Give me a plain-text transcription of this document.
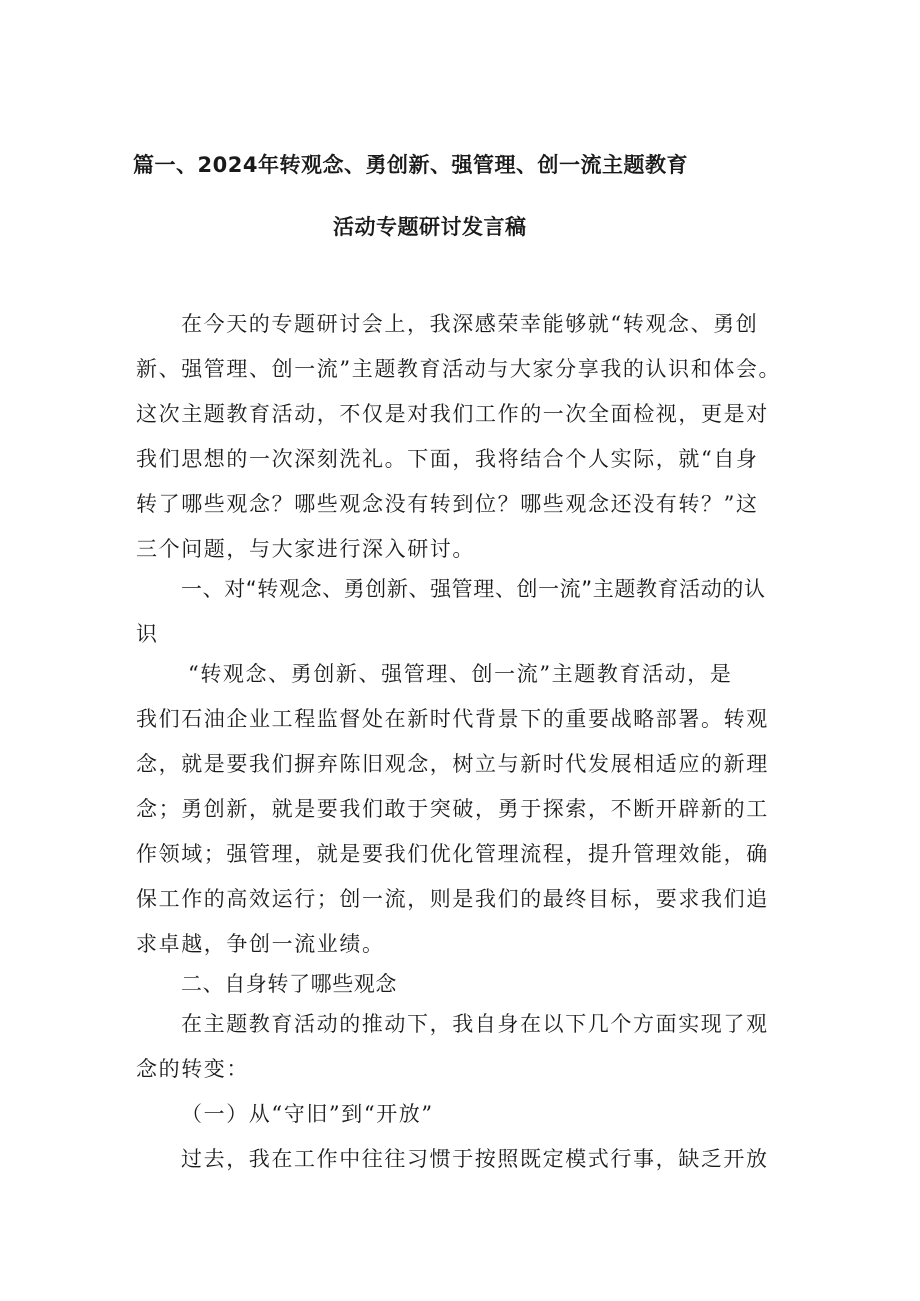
篇一、2024年转观念、勇创新、强管理、创一流主题教育
活动专题研讨发言稿
在今天的专题研讨会上，我深感荣幸能够就“转观念、勇创
新、强管理、创一流”主题教育活动与大家分享我的认识和体会。
这次主题教育活动，不仅是对我们工作的一次全面检视，更是对
我们思想的一次深刻洗礼。下面，我将结合个人实际，就“自身
转了哪些观念？哪些观念没有转到位？哪些观念还没有转？”这
三个问题，与大家进行深入研讨。
一、对“转观念、勇创新、强管理、创一流”主题教育活动的认
识
“转观念、勇创新、强管理、创一流”主题教育活动，是
我们石油企业工程监督处在新时代背景下的重要战略部署。转观
念，就是要我们摒弃陈旧观念，树立与新时代发展相适应的新理
念；勇创新，就是要我们敢于突破，勇于探索，不断开辟新的工
作领域；强管理，就是要我们优化管理流程，提升管理效能，确
保工作的高效运行；创一流，则是我们的最终目标，要求我们追
求卓越，争创一流业绩。
二、自身转了哪些观念
在主题教育活动的推动下，我自身在以下几个方面实现了观
念的转变：
（一）从“守旧”到“开放”
过去，我在工作中往往习惯于按照既定模式行事，缺乏开放
